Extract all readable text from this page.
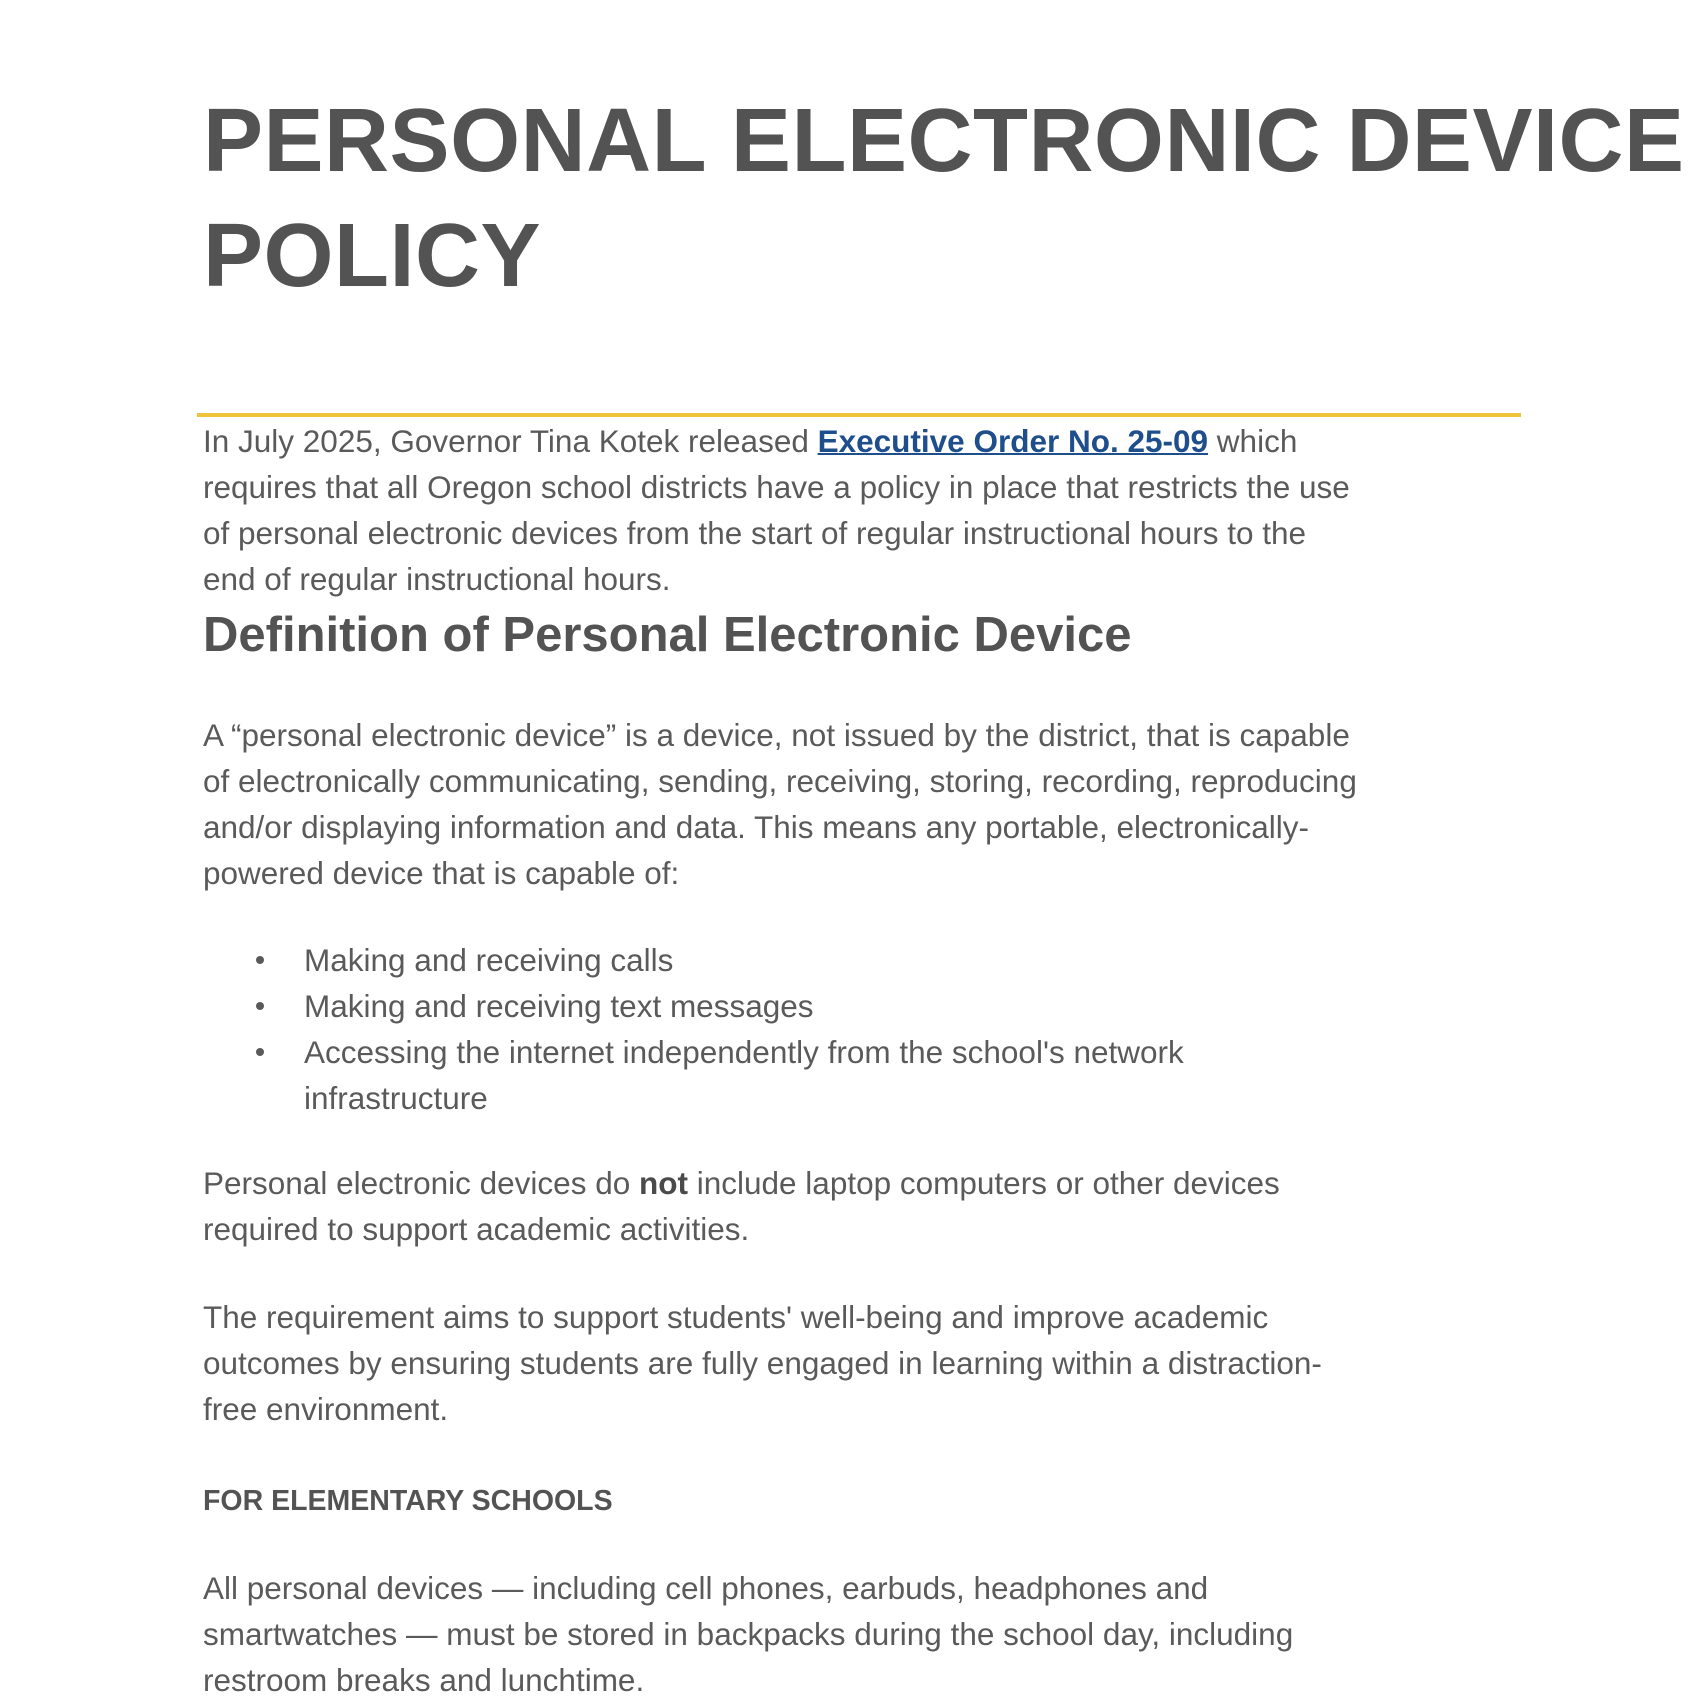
PERSONAL ELECTRONIC DEVICE
POLICY
In July 2025, Governor Tina Kotek released Executive Order No. 25-09 which
requires that all Oregon school districts have a policy in place that restricts the use
of personal electronic devices from the start of regular instructional hours to the
end of regular instructional hours.
Definition of Personal Electronic Device
A “personal electronic device” is a device, not issued by the district, that is capable
of electronically communicating, sending, receiving, storing, recording, reproducing
and/or displaying information and data. This means any portable, electronically-
powered device that is capable of:
Making and receiving calls
Making and receiving text messages
Accessing the internet independently from the school's network
infrastructure
Personal electronic devices do not include laptop computers or other devices
required to support academic activities.
The requirement aims to support students' well-being and improve academic
outcomes by ensuring students are fully engaged in learning within a distraction-
free environment.
FOR ELEMENTARY SCHOOLS
All personal devices — including cell phones, earbuds, headphones and
smartwatches — must be stored in backpacks during the school day, including
restroom breaks and lunchtime.
